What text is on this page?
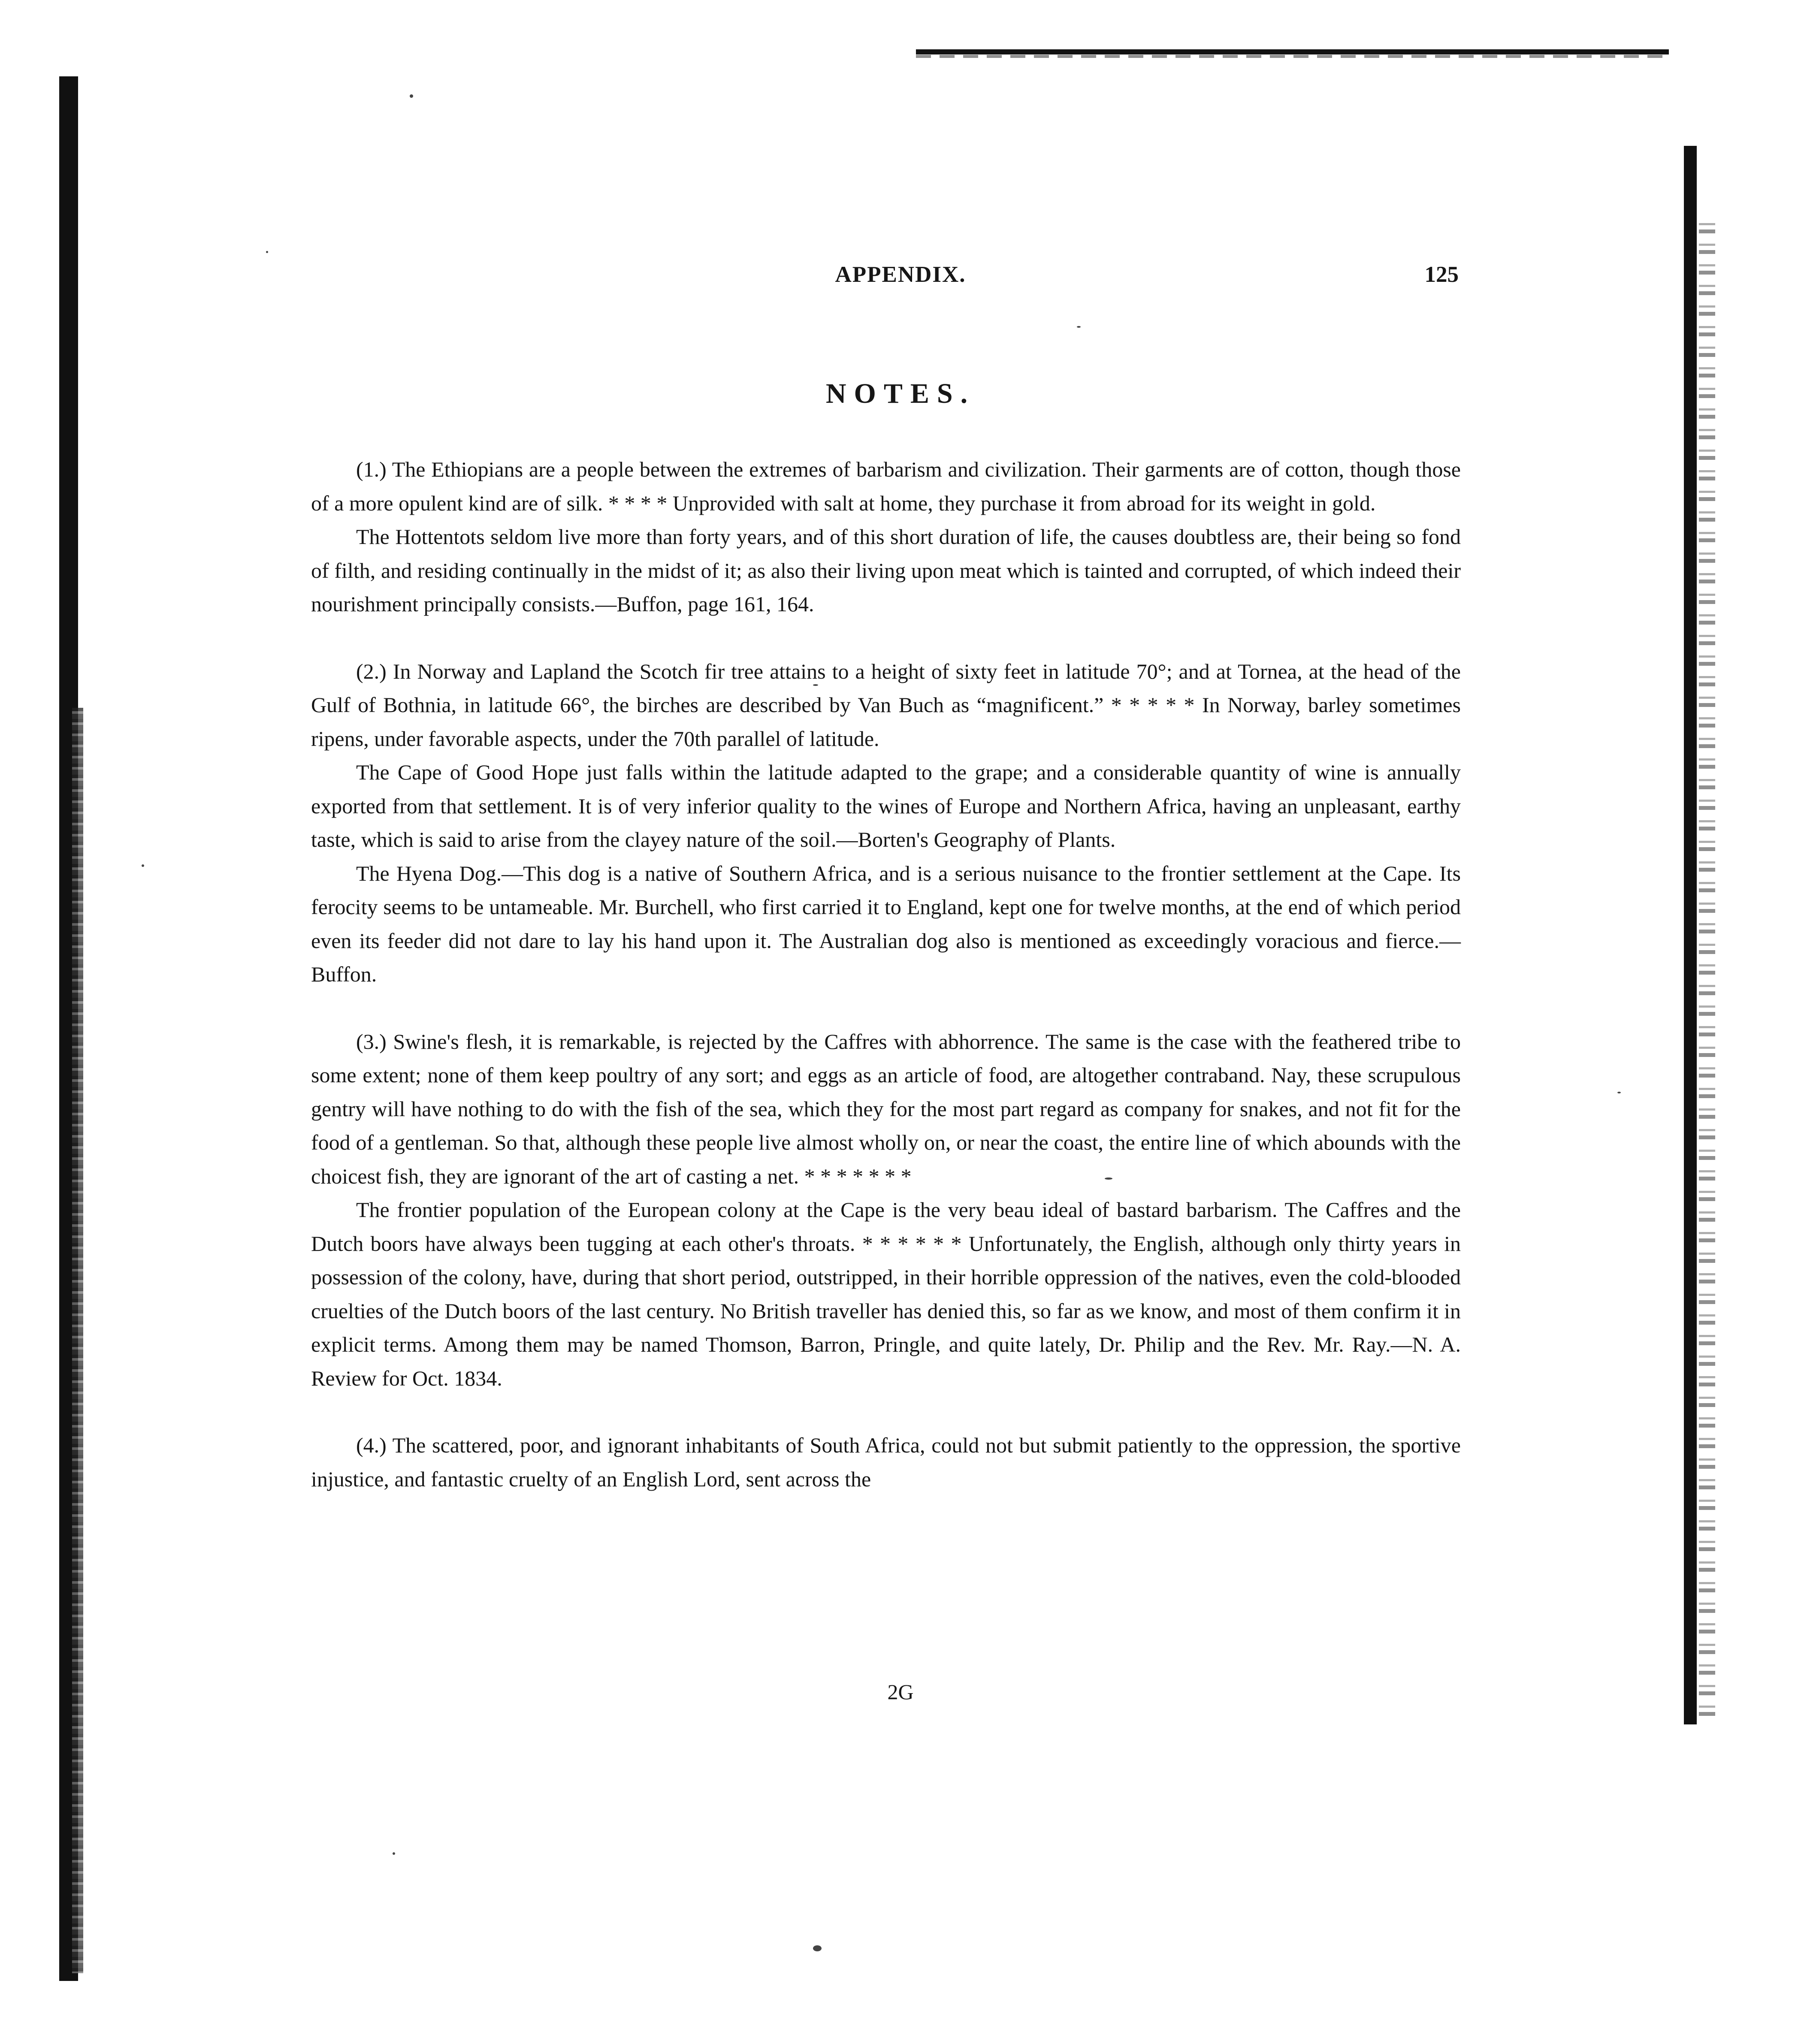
APPENDIX.	125
NOTES.

(1.) The Ethiopians are a people between the extremes of barbarism and civilization. Their garments are of cotton, though those of a more opulent kind are of silk. * * * * Unprovided with salt at home, they purchase it from abroad for its weight in gold.

The Hottentots seldom live more than forty years, and of this short duration of life, the causes doubtless are, their being so fond of filth, and residing continually in the midst of it; as also their living upon meat which is tainted and corrupted, of which indeed their nourishment principally consists.—Buffon, page 161, 164.

(2.) In Norway and Lapland the Scotch fir tree attains to a height of sixty feet in latitude 70°; and at Tornea, at the head of the Gulf of Bothnia, in latitude 66°, the birches are described by Van Buch as “magnificent.” * * * * * In Norway, barley sometimes ripens, under favorable aspects, under the 70th parallel of latitude.

The Cape of Good Hope just falls within the latitude adapted to the grape; and a considerable quantity of wine is annually exported from that settlement. It is of very inferior quality to the wines of Europe and Northern Africa, having an unpleasant, earthy taste, which is said to arise from the clayey nature of the soil.—Borten's Geography of Plants.

The Hyena Dog.—This dog is a native of Southern Africa, and is a serious nuisance to the frontier settlement at the Cape. Its ferocity seems to be untameable. Mr. Burchell, who first carried it to England, kept one for twelve months, at the end of which period even its feeder did not dare to lay his hand upon it. The Australian dog also is mentioned as exceedingly voracious and fierce.—Buffon.

(3.) Swine's flesh, it is remarkable, is rejected by the Caffres with abhorrence. The same is the case with the feathered tribe to some extent; none of them keep poultry of any sort; and eggs as an article of food, are altogether contraband. Nay, these scrupulous gentry will have nothing to do with the fish of the sea, which they for the most part regard as company for snakes, and not fit for the food of a gentleman. So that, although these people live almost wholly on, or near the coast, the entire line of which abounds with the choicest fish, they are ignorant of the art of casting a net. * * * * * * *

The frontier population of the European colony at the Cape is the very beau ideal of bastard barbarism. The Caffres and the Dutch boors have always been tugging at each other's throats. * * * * * * Unfortunately, the English, although only thirty years in possession of the colony, have, during that short period, outstripped, in their horrible oppression of the natives, even the cold-blooded cruelties of the Dutch boors of the last century. No British traveller has denied this, so far as we know, and most of them confirm it in explicit terms. Among them may be named Thomson, Barron, Pringle, and quite lately, Dr. Philip and the Rev. Mr. Ray.—N. A. Review for Oct. 1834.

(4.) The scattered, poor, and ignorant inhabitants of South Africa, could not but submit patiently to the oppression, the sportive injustice, and fantastic cruelty of an English Lord, sent across the

2G
